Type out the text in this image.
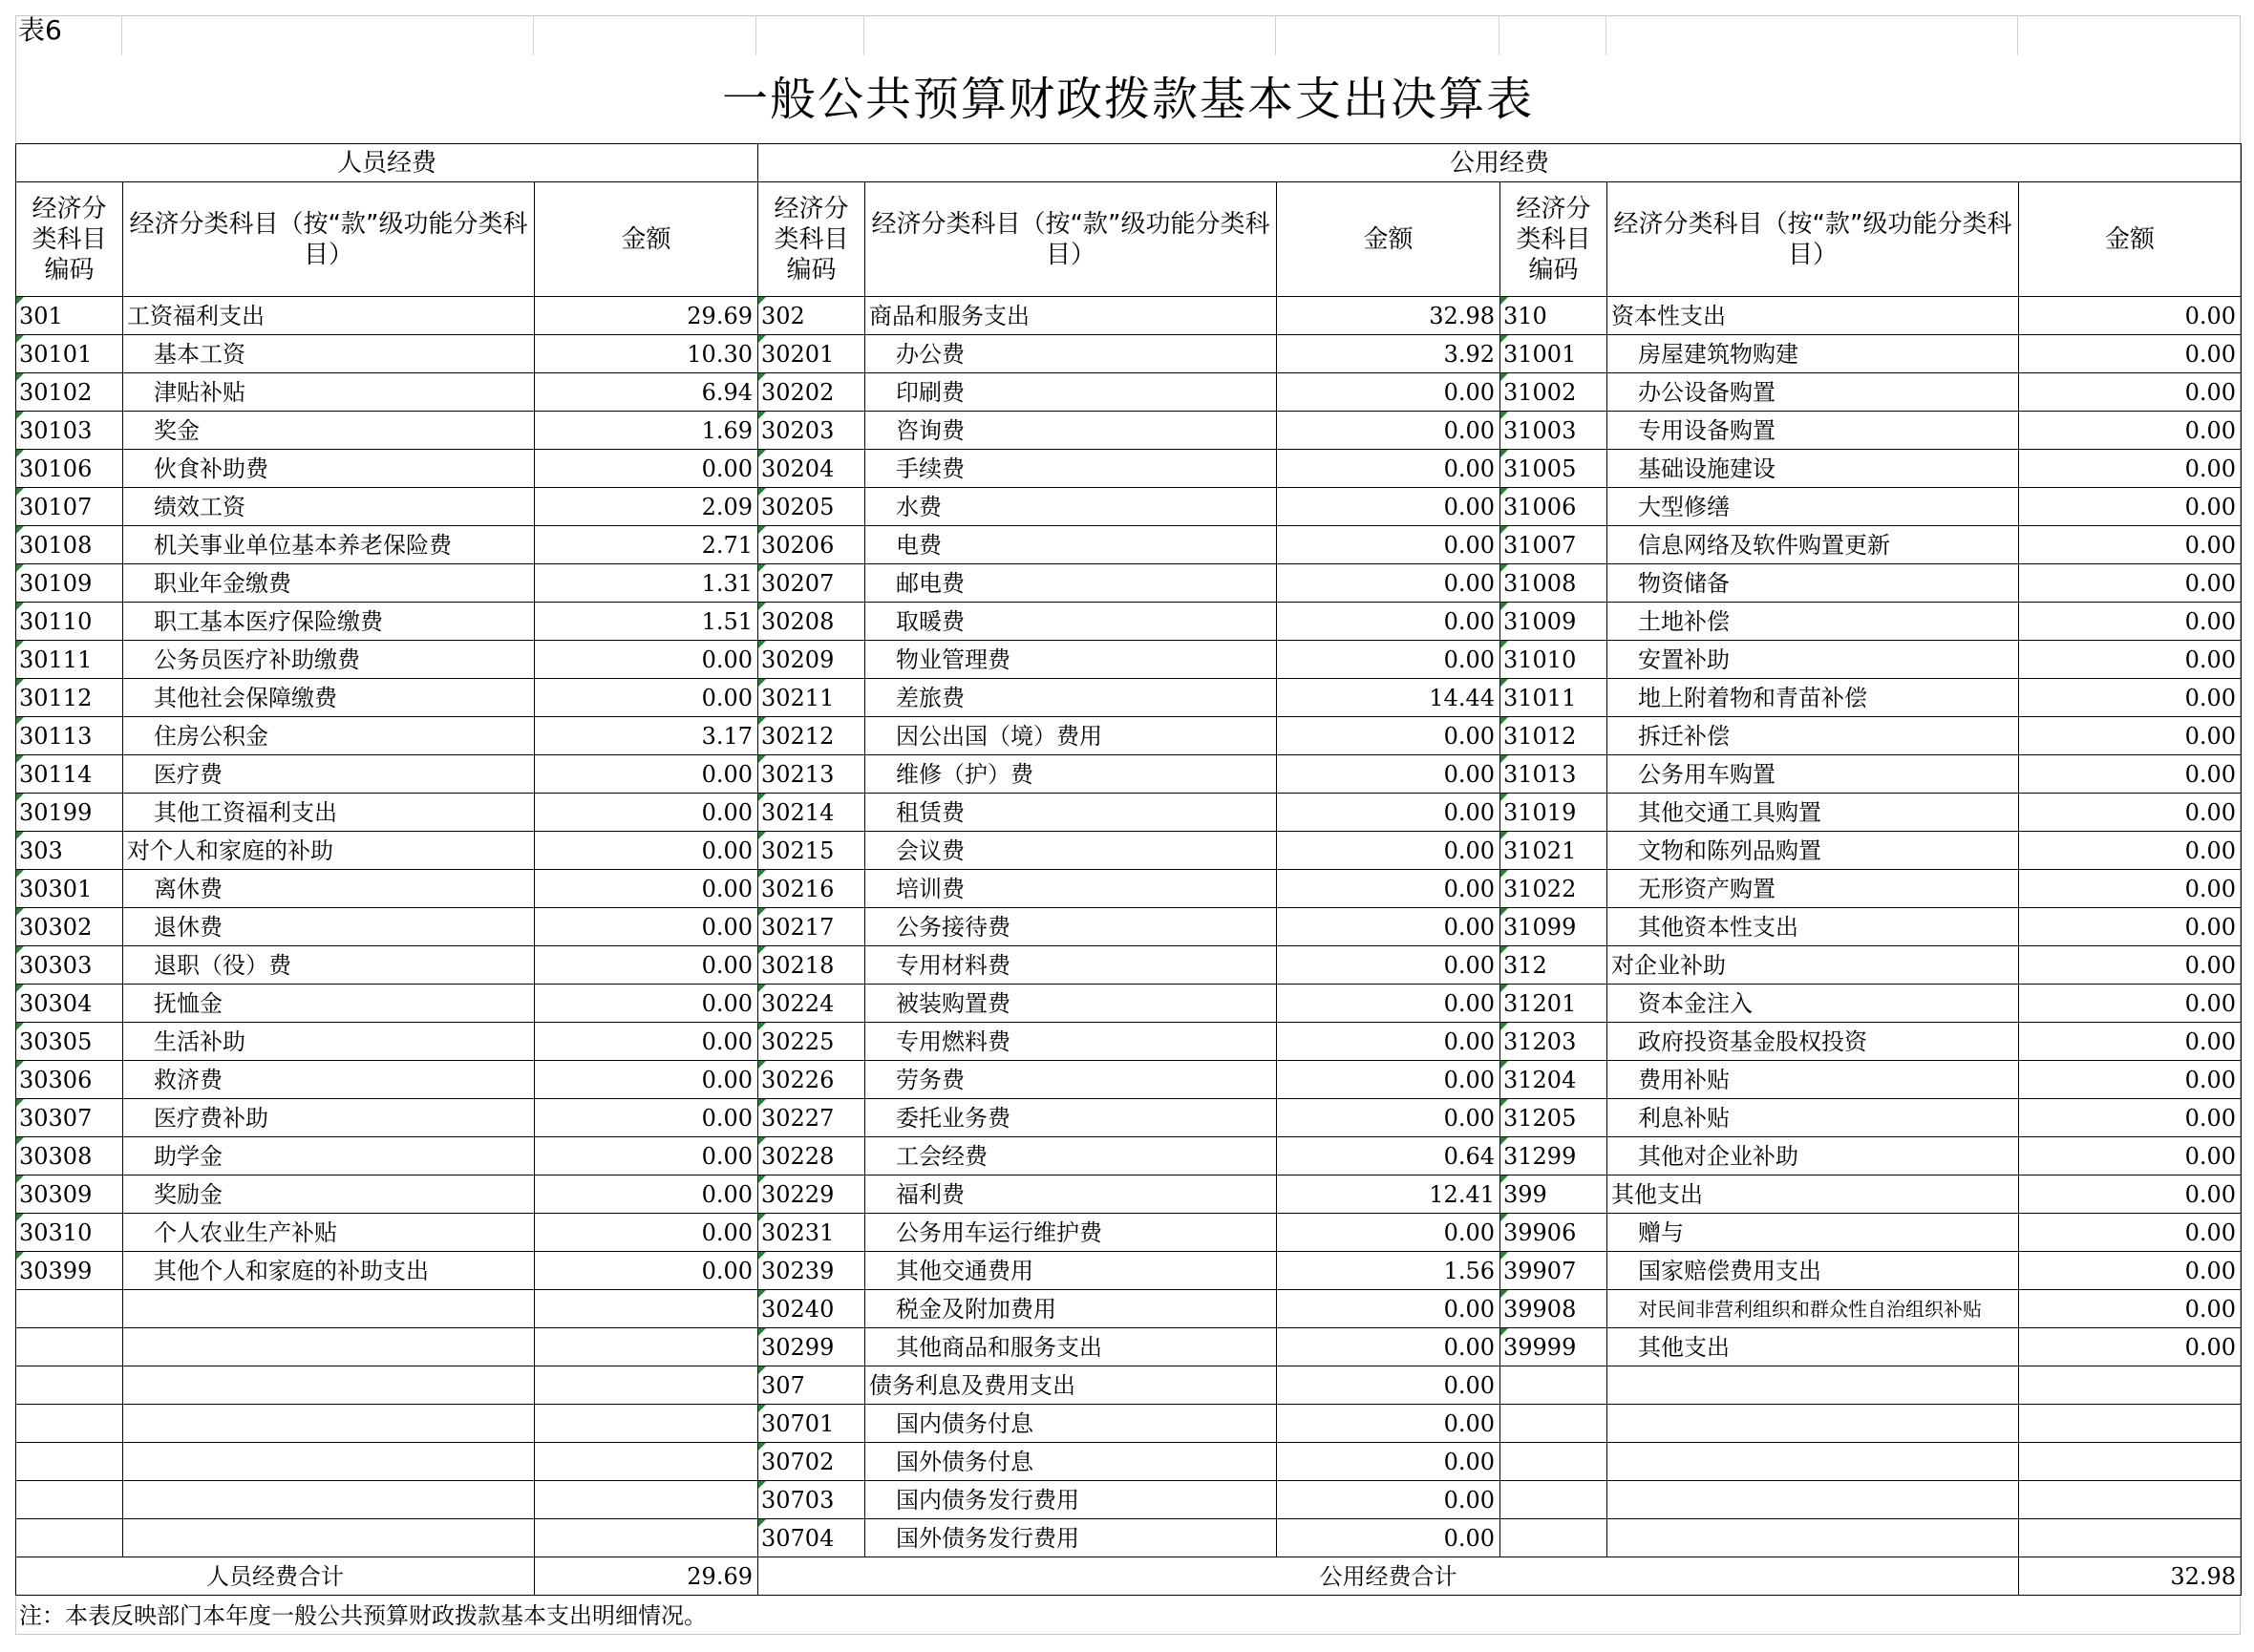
表6
一般公共预算财政拨款基本支出决算表
人员经费			公用经费					
经济分类科目编码	经济分类科目（按“款”级功能分类科目）	金额	经济分类科目编码	经济分类科目（按“款”级功能分类科目）	金额	经济分类科目编码	经济分类科目（按“款”级功能分类科目）	金额
301	工资福利支出	29.69	302	商品和服务支出	32.98	310	资本性支出	0.00
30101	基本工资	10.30	30201	办公费	3.92	31001	房屋建筑物购建	0.00
30102	津贴补贴	6.94	30202	印刷费	0.00	31002	办公设备购置	0.00
30103	奖金	1.69	30203	咨询费	0.00	31003	专用设备购置	0.00
30106	伙食补助费	0.00	30204	手续费	0.00	31005	基础设施建设	0.00
30107	绩效工资	2.09	30205	水费	0.00	31006	大型修缮	0.00
30108	机关事业单位基本养老保险费	2.71	30206	电费	0.00	31007	信息网络及软件购置更新	0.00
30109	职业年金缴费	1.31	30207	邮电费	0.00	31008	物资储备	0.00
30110	职工基本医疗保险缴费	1.51	30208	取暖费	0.00	31009	土地补偿	0.00
30111	公务员医疗补助缴费	0.00	30209	物业管理费	0.00	31010	安置补助	0.00
30112	其他社会保障缴费	0.00	30211	差旅费	14.44	31011	地上附着物和青苗补偿	0.00
30113	住房公积金	3.17	30212	因公出国（境）费用	0.00	31012	拆迁补偿	0.00
30114	医疗费	0.00	30213	维修（护）费	0.00	31013	公务用车购置	0.00
30199	其他工资福利支出	0.00	30214	租赁费	0.00	31019	其他交通工具购置	0.00
303	对个人和家庭的补助	0.00	30215	会议费	0.00	31021	文物和陈列品购置	0.00
30301	离休费	0.00	30216	培训费	0.00	31022	无形资产购置	0.00
30302	退休费	0.00	30217	公务接待费	0.00	31099	其他资本性支出	0.00
30303	退职（役）费	0.00	30218	专用材料费	0.00	312	对企业补助	0.00
30304	抚恤金	0.00	30224	被装购置费	0.00	31201	资本金注入	0.00
30305	生活补助	0.00	30225	专用燃料费	0.00	31203	政府投资基金股权投资	0.00
30306	救济费	0.00	30226	劳务费	0.00	31204	费用补贴	0.00
30307	医疗费补助	0.00	30227	委托业务费	0.00	31205	利息补贴	0.00
30308	助学金	0.00	30228	工会经费	0.64	31299	其他对企业补助	0.00
30309	奖励金	0.00	30229	福利费	12.41	399	其他支出	0.00
30310	个人农业生产补贴	0.00	30231	公务用车运行维护费	0.00	39906	赠与	0.00
30399	其他个人和家庭的补助支出	0.00	30239	其他交通费用	1.56	39907	国家赔偿费用支出	0.00
			30240	税金及附加费用	0.00	39908	对民间非营利组织和群众性自治组织补贴	0.00
			30299	其他商品和服务支出	0.00	39999	其他支出	0.00
			307	债务利息及费用支出	0.00			
			30701	国内债务付息	0.00			
			30702	国外债务付息	0.00			
			30703	国内债务发行费用	0.00			
			30704	国外债务发行费用	0.00			
人员经费合计		29.69	公用经费合计					32.98
注：本表反映部门本年度一般公共预算财政拨款基本支出明细情况。
